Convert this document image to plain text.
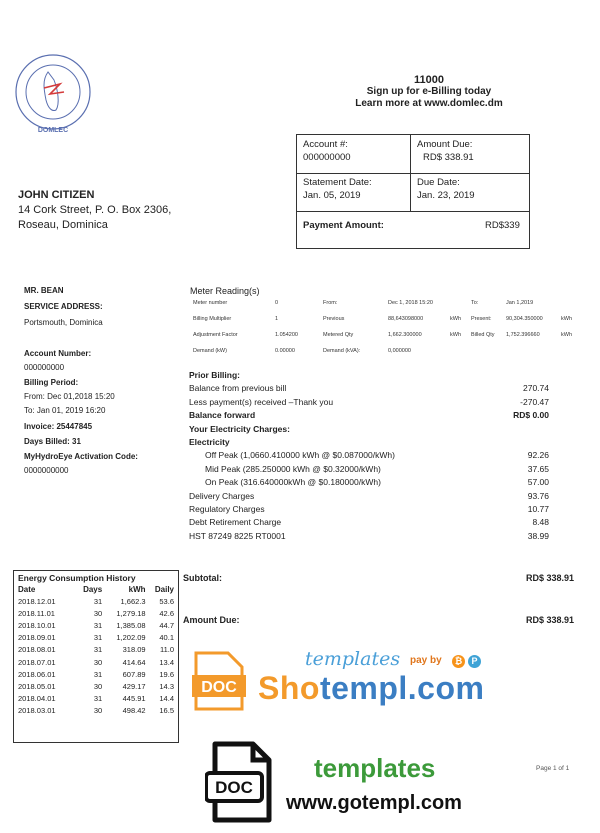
DOMLEC
11000
Sign up for e-Billing today
Learn more at www.domlec.dm
Account #:
000000000
Amount Due:
RD$ 338.91
Statement Date:
Jan. 05, 2019
Due Date:
Jan. 23, 2019
Payment Amount:	RD$339
JOHN CITIZEN
14 Cork Street, P. O. Box 2306,
Roseau, Dominica
MR. BEAN
SERVICE ADDRESS:
Portsmouth, Dominica
Account Number:
000000000
Billing Period:
From: Dec 01,2018 15:20
To: Jan 01, 2019 16:20
Invoice: 25447845
Days Billed: 31
MyHydroEye Activation Code:
0000000000
Meter Reading(s)
Meter number	0	From:	Dec 1, 2018 15:20	To:	Jan 1,2019
Billing Multiplier	1	Previous	88,643098000	kWh Present:	90,304.350000	kWh
Adjustment Factor	1.054200	Metered Qty	1,662.300000	kWh Billed Qty 1,752.396660	kWh
Demand (kW)	0.00000	Demand (kVA):	0,000000
Prior Billing:
Balance from previous bill	270.74
Less payment(s) received –Thank you	-270.47
Balance forward	RD$ 0.00
Your Electricity Charges:
Electricity
Off Peak (1,0660.410000 kWh @ $0.087000/kWh)	92.26
Mid Peak (285.250000 kWh @ $0.32000/kWh)	37.65
On Peak (316.640000kWh @ $0.180000/kWh)	57.00
Delivery Charges	93.76
Regulatory Charges	10.77
Debt Retirement Charge	8.48
HST 87249 8225 RT0001	38.99
Subtotal:	RD$ 338.91
Amount Due:	RD$ 338.91
Energy Consumption History
Date	Days	kWh	Daily
2018.12.01	31	1,662.3	53.6
2018.11.01	30	1,279.18	42.6
2018.10.01	31	1,385.08	44.7
2018.09.01	31	1,202.09	40.1
2018.08.01	31	318.09	11.0
2018.07.01	30	414.64	13.4
2018.06.01	31	607.89	19.6
2018.05.01	30	429.17	14.3
2018.04.01	31	445.91	14.4
2018.03.01	30	498.42	16.5
DOC
templates pay by	₿	P
Shotempl.com
DOC
templates
www.gotempl.com
Page 1 of 1
